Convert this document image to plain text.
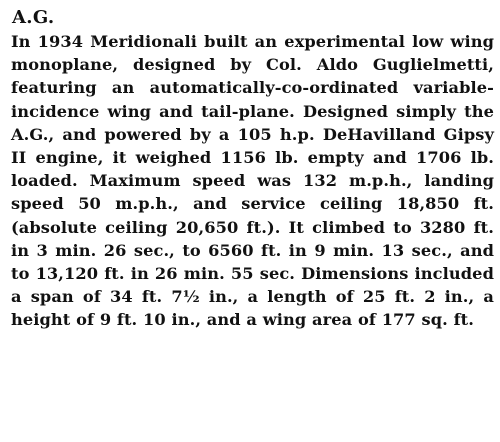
A.G.

In 1934 Meridionali built an experimental low wing monoplane, designed by Col. Aldo Guglielmetti, featuring an automatically-co-ordinated variable-incidence wing and tail-plane. Designed simply the A.G., and powered by a 105 h.p. DeHavilland Gipsy II engine, it weighed 1156 lb. empty and 1706 lb. loaded. Maximum speed was 132 m.p.h., landing speed 50 m.p.h., and service ceiling 18,850 ft. (absolute ceiling 20,650 ft.). It climbed to 3280 ft. in 3 min. 26 sec., to 6560 ft. in 9 min. 13 sec., and to 13,120 ft. in 26 min. 55 sec. Dimensions included a span of 34 ft. 7½ in., a length of 25 ft. 2 in., a height of 9 ft. 10 in., and a wing area of 177 sq. ft.
